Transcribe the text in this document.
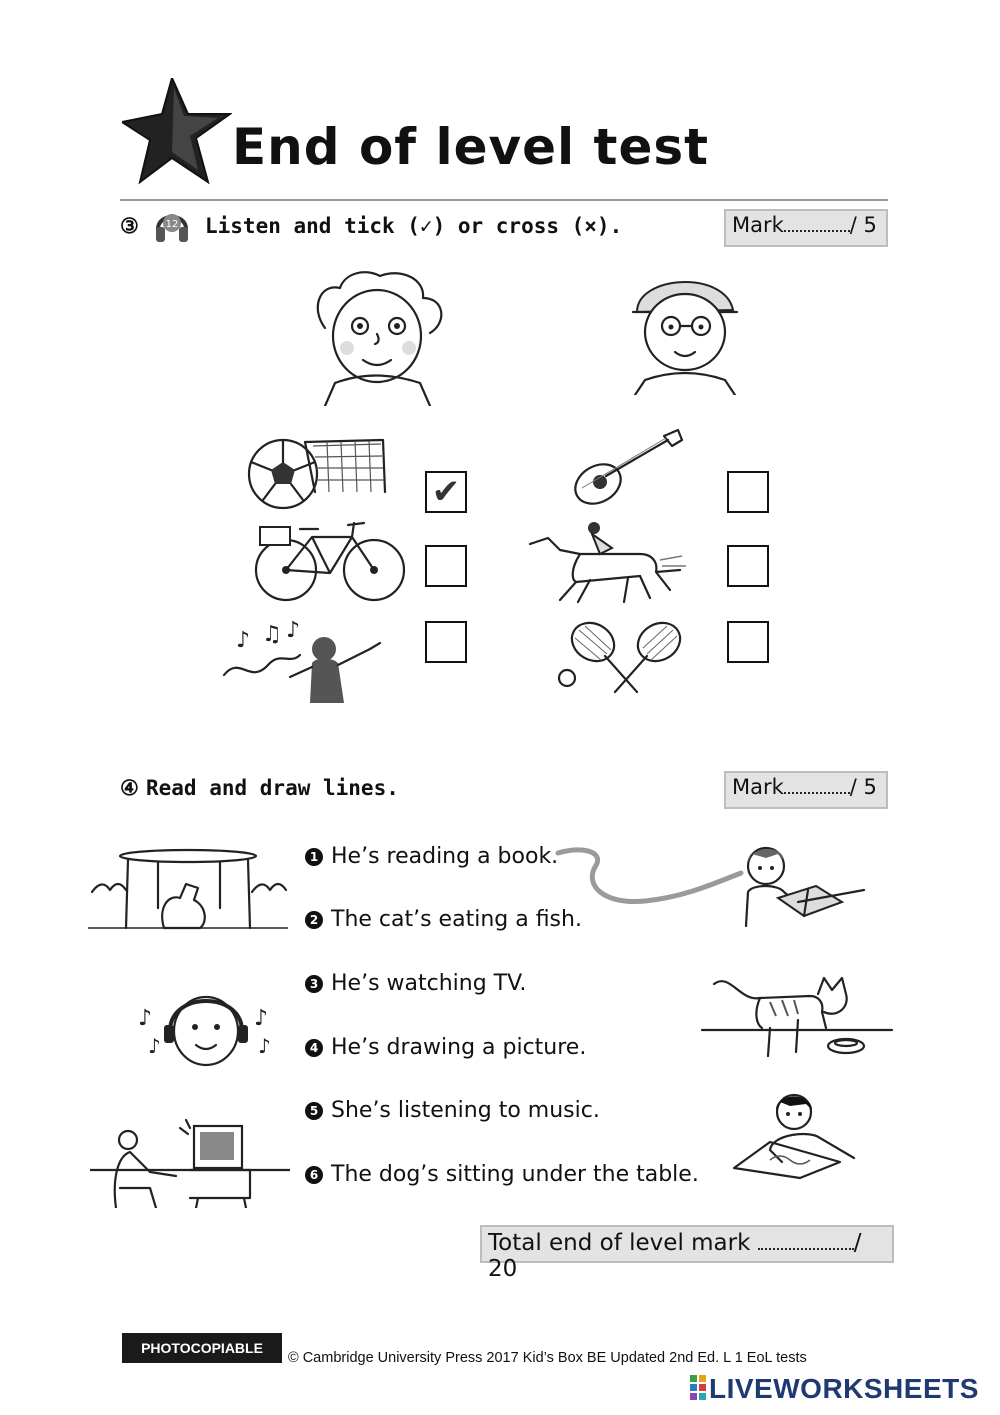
End of level test
③	12 Listen and tick (✓) or cross (×).	Mark	/ 5
✔
♪ ♫ ♪
④ Read and draw lines.	Mark	/ 5
♪
♪
♪
♪
1 He’s reading a book.
2 The cat’s eating a fish.
3 He’s watching TV.
4 He’s drawing a picture.
5 She’s listening to music.
6 The dog’s sitting under the table.
Total end of level mark	/ 20
PHOTOCOPIABLE
© Cambridge University Press 2017 Kid’s Box BE Updated 2nd Ed. L 1 EoL tests
LIVEWORKSHEETS
